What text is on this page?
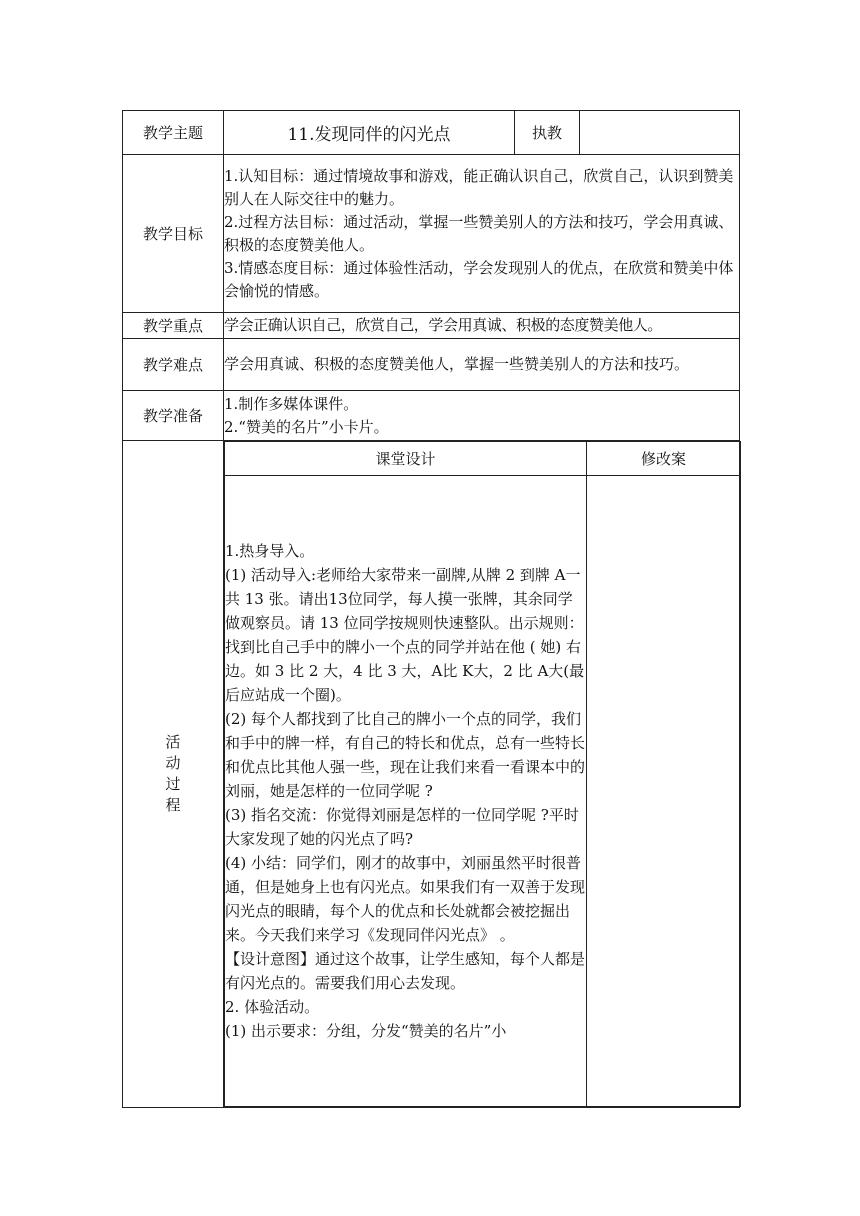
教学主题	11.发现同伴的闪光点	执教	
教学目标	

1.认知目标：通过情境故事和游戏，能正确认识自己，欣赏自己，认识到赞美别人在人际交往中的魅力。

2.过程方法目标：通过活动，掌握一些赞美别人的方法和技巧，学会用真诚、积极的态度赞美他人。

3.情感态度目标：通过体验性活动，学会发现别人的优点，在欣赏和赞美中体会愉悦的情感。

教学重点	学会正确认识自己，欣赏自己，学会用真诚、积极的态度赞美他人。
教学难点	学会用真诚、积极的态度赞美他人，掌握一些赞美别人的方法和技巧。
教学准备	

1.制作多媒体课件。

2.“赞美的名片”小卡片。

活
动
过
程

课堂设计	修改案

1.热身导入。

(1) 活动导入:老师给大家带来一副牌,从牌 2 到牌 A一共 13 张。请出13位同学，每人摸一张牌，其余同学做观察员。请 13 位同学按规则快速整队。出示规则：找到比自己手中的牌小一个点的同学并站在他 ( 她) 右边。如 3 比 2 大，4 比 3 大，A比 K大，2 比 A大(最后应站成一个圈)。

(2) 每个人都找到了比自己的牌小一个点的同学，我们和手中的牌一样，有自己的特长和优点，总有一些特长和优点比其他人强一些，现在让我们来看一看课本中的刘丽，她是怎样的一位同学呢 ?

(3) 指名交流：你觉得刘丽是怎样的一位同学呢 ?平时大家发现了她的闪光点了吗?

(4) 小结：同学们，刚才的故事中，刘丽虽然平时很普通，但是她身上也有闪光点。如果我们有一双善于发现闪光点的眼睛，每个人的优点和长处就都会被挖掘出来。今天我们来学习《发现同伴闪光点》 。

【设计意图】通过这个故事，让学生感知，每个人都是有闪光点的。需要我们用心去发现。

2. 体验活动。

(1) 出示要求：分组，分发“赞美的名片”小
